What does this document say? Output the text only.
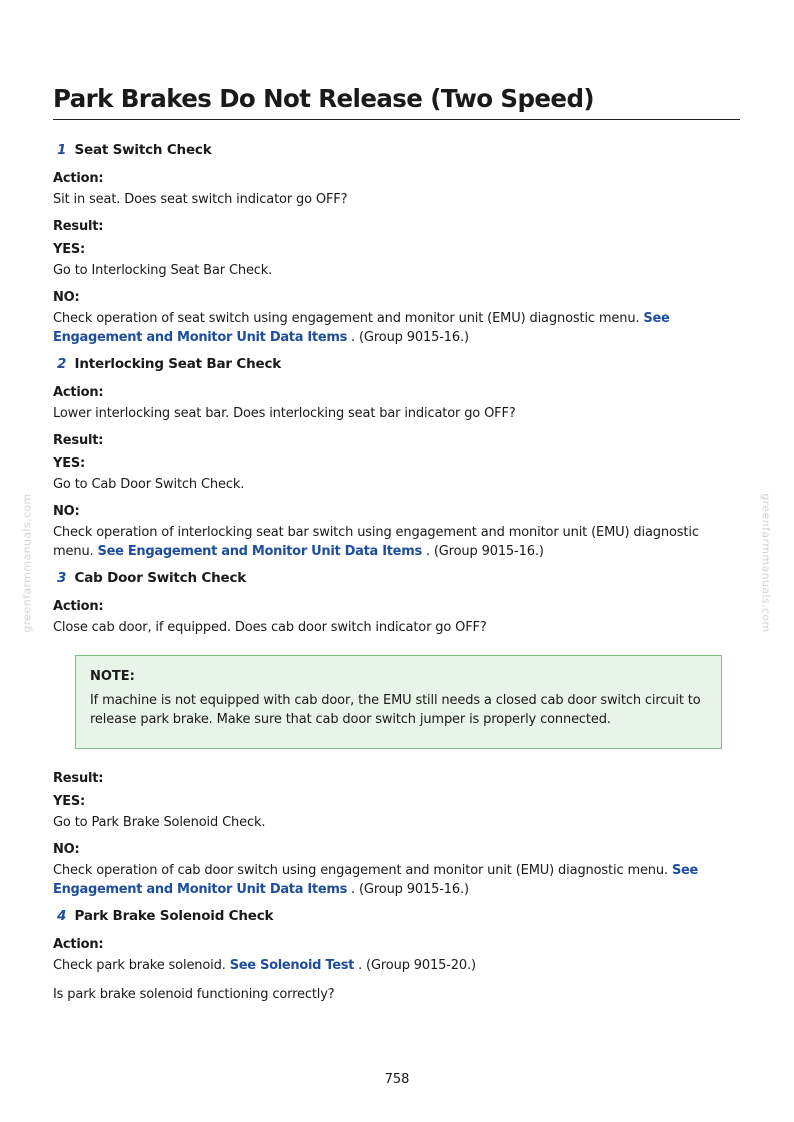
greenfarmmanuals.com	greenfarmmanuals.com
Park Brakes Do Not Release (Two Speed)

1 Seat Switch Check

Action:

Sit in seat. Does seat switch indicator go OFF?

Result:

YES:

Go to Interlocking Seat Bar Check.

NO:

Check operation of seat switch using engagement and monitor unit (EMU) diagnostic menu. See Engagement and Monitor Unit Data Items . (Group 9015-16.)

2 Interlocking Seat Bar Check

Action:

Lower interlocking seat bar. Does interlocking seat bar indicator go OFF?

Result:

YES:

Go to Cab Door Switch Check.

NO:

Check operation of interlocking seat bar switch using engagement and monitor unit (EMU) diagnostic menu. See Engagement and Monitor Unit Data Items . (Group 9015-16.)

3 Cab Door Switch Check

Action:

Close cab door, if equipped. Does cab door switch indicator go OFF?

NOTE:

If machine is not equipped with cab door, the EMU still needs a closed cab door switch circuit to release park brake. Make sure that cab door switch jumper is properly connected.

Result:

YES:

Go to Park Brake Solenoid Check.

NO:

Check operation of cab door switch using engagement and monitor unit (EMU) diagnostic menu. See Engagement and Monitor Unit Data Items . (Group 9015-16.)

4 Park Brake Solenoid Check

Action:

Check park brake solenoid. See Solenoid Test . (Group 9015-20.)

Is park brake solenoid functioning correctly?

758
